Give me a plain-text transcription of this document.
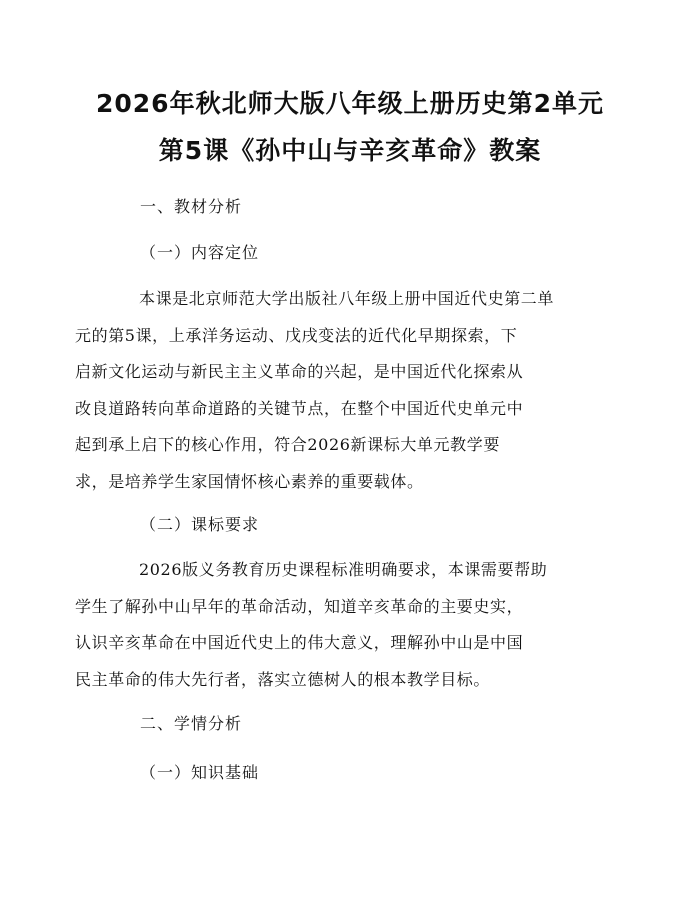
2026年秋北师大版八年级上册历史第2单元
第5课《孙中山与辛亥革命》教案
一、教材分析
（一）内容定位
本课是北京师范大学出版社八年级上册中国近代史第二单
元的第5课，上承洋务运动、戊戌变法的近代化早期探索，下
启新文化运动与新民主主义革命的兴起，是中国近代化探索从
改良道路转向革命道路的关键节点，在整个中国近代史单元中
起到承上启下的核心作用，符合2026新课标大单元教学要
求，是培养学生家国情怀核心素养的重要载体。
（二）课标要求
2026版义务教育历史课程标准明确要求，本课需要帮助
学生了解孙中山早年的革命活动，知道辛亥革命的主要史实，
认识辛亥革命在中国近代史上的伟大意义，理解孙中山是中国
民主革命的伟大先行者，落实立德树人的根本教学目标。
二、学情分析
（一）知识基础
